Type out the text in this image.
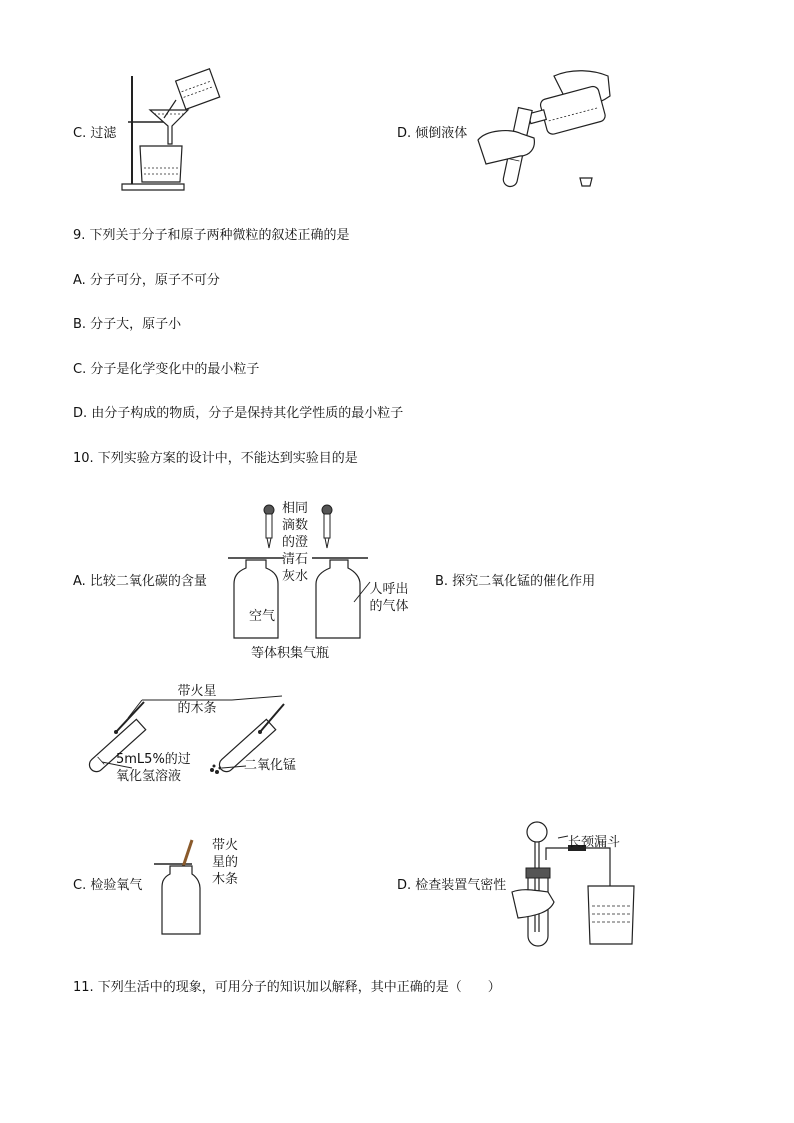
C. 过滤	D. 倾倒液体
9. 下列关于分子和原子两种微粒的叙述正确的是
A. 分子可分，原子不可分
B. 分子大，原子小
C. 分子是化学变化中的最小粒子
D. 由分子构成的物质，分子是保持其化学性质的最小粒子
10. 下列实验方案的设计中，不能达到实验目的是
A. 比较二氧化碳的含量
相同滴数的澄清石灰水
空气
人呼出的气体
等体积集气瓶
B. 探究二氧化锰的催化作用
带火星的木条
5mL5%的过氧化氢溶液
二氧化锰
C. 检验氧气
带火星的木条	D. 检查装置气密性
长颈漏斗
11. 下列生活中的现象，可用分子的知识加以解释，其中正确的是（　　）
